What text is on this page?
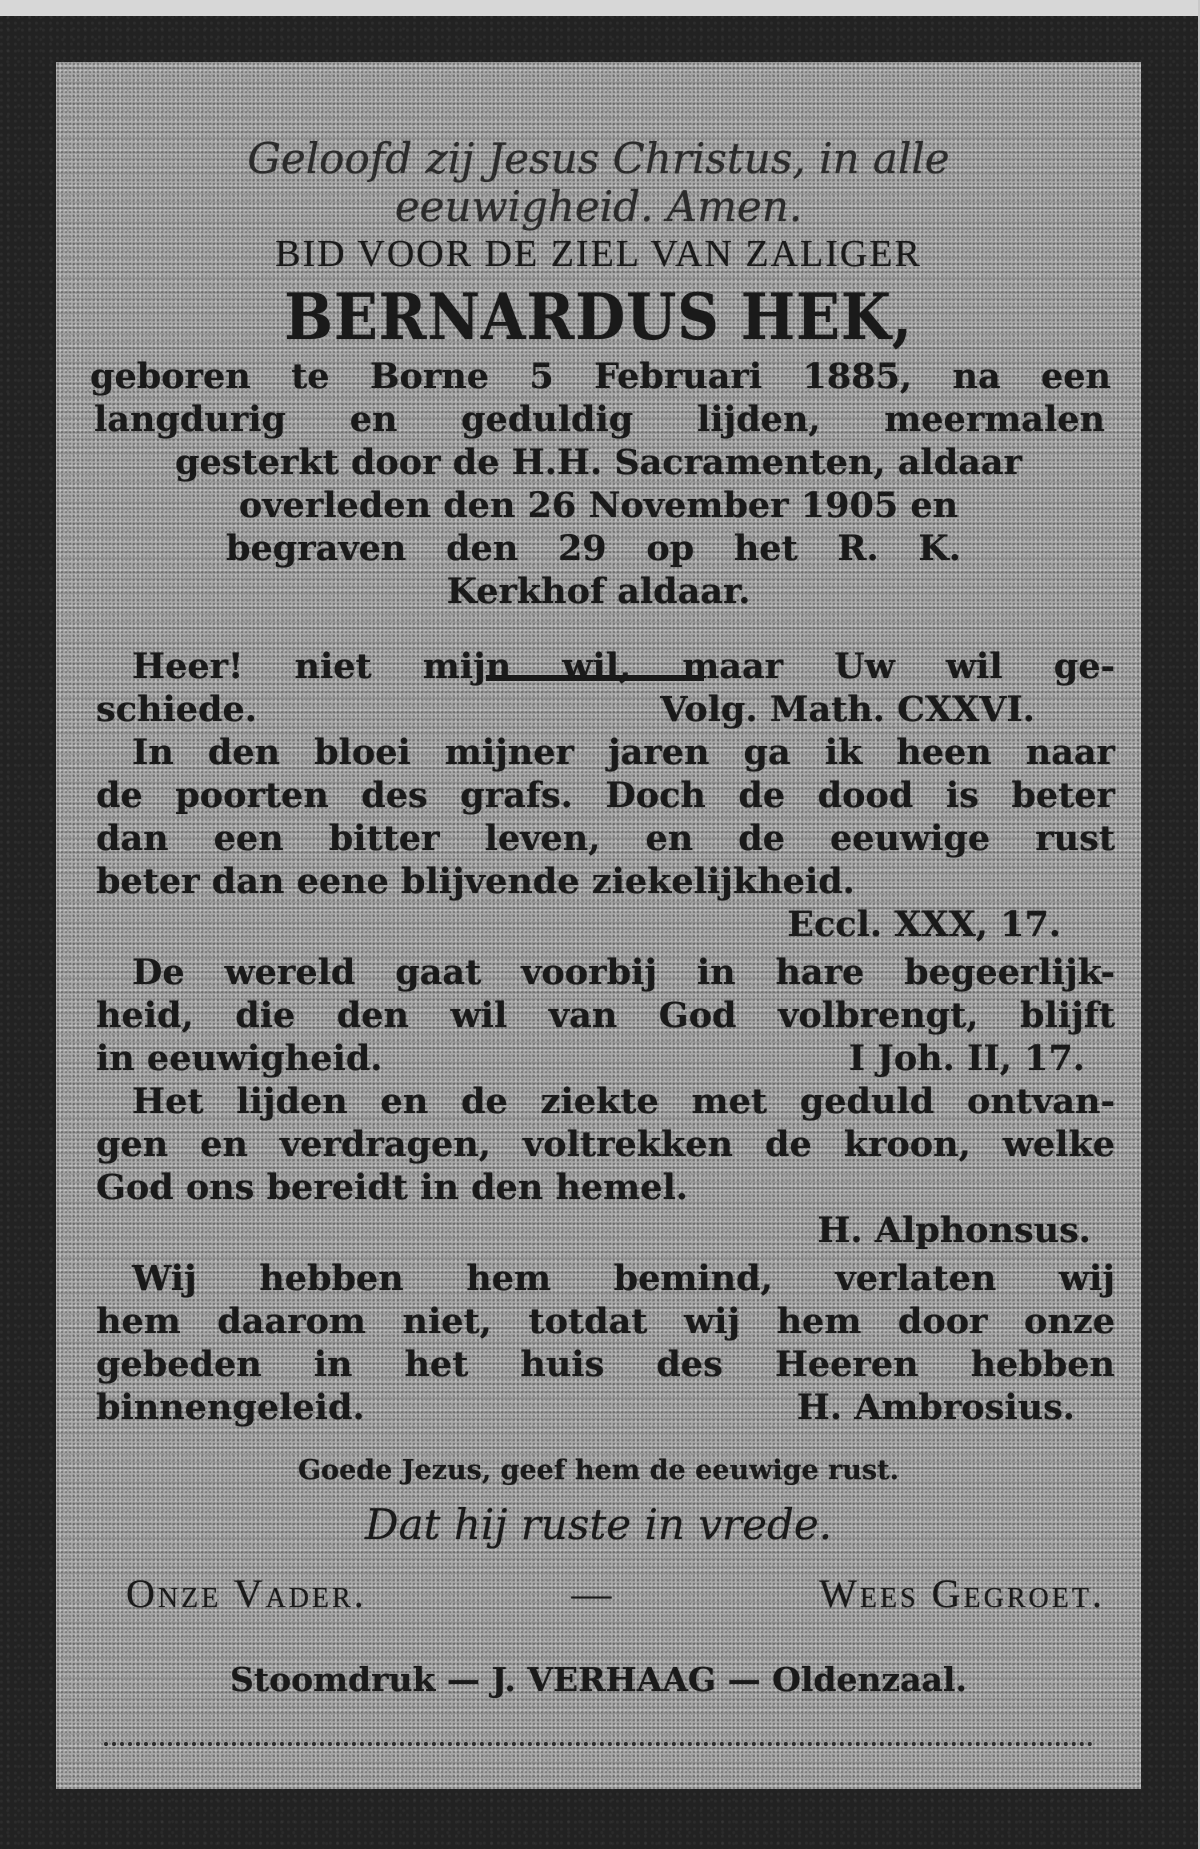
Geloofd zij Jesus Christus, in alle

eeuwigheid. Amen.

BID VOOR DE ZIEL VAN ZALIGER

BERNARDUS HEK,

geboren te Borne 5 Februari 1885, na een

langdurig en geduldig lijden, meermalen

gesterkt door de H.H. Sacramenten, aldaar

overleden den 26 November 1905 en

begraven den 29 op het R. K.

Kerkhof aldaar.

Heer! niet mijn wil, maar Uw wil ge-

schiede.	Volg. Math. CXXVI.

In den bloei mijner jaren ga ik heen naar

de poorten des grafs. Doch de dood is beter

dan een bitter leven, en de eeuwige rust

beter dan eene blijvende ziekelijkheid.

Eccl. XXX, 17.

De wereld gaat voorbij in hare begeerlijk-

heid, die den wil van God volbrengt, blijft

in eeuwigheid.	I Joh. II, 17.

Het lijden en de ziekte met geduld ontvan-

gen en verdragen, voltrekken de kroon, welke

God ons bereidt in den hemel.

H. Alphonsus.

Wij hebben hem bemind, verlaten wij

hem daarom niet, totdat wij hem door onze

gebeden in het huis des Heeren hebben

binnengeleid.	H. Ambrosius.

Goede Jezus, geef hem de eeuwige rust.

Dat hij ruste in vrede.

Onze Vader.	—	Wees Gegroet.

Stoomdruk — J. VERHAAG — Oldenzaal.
